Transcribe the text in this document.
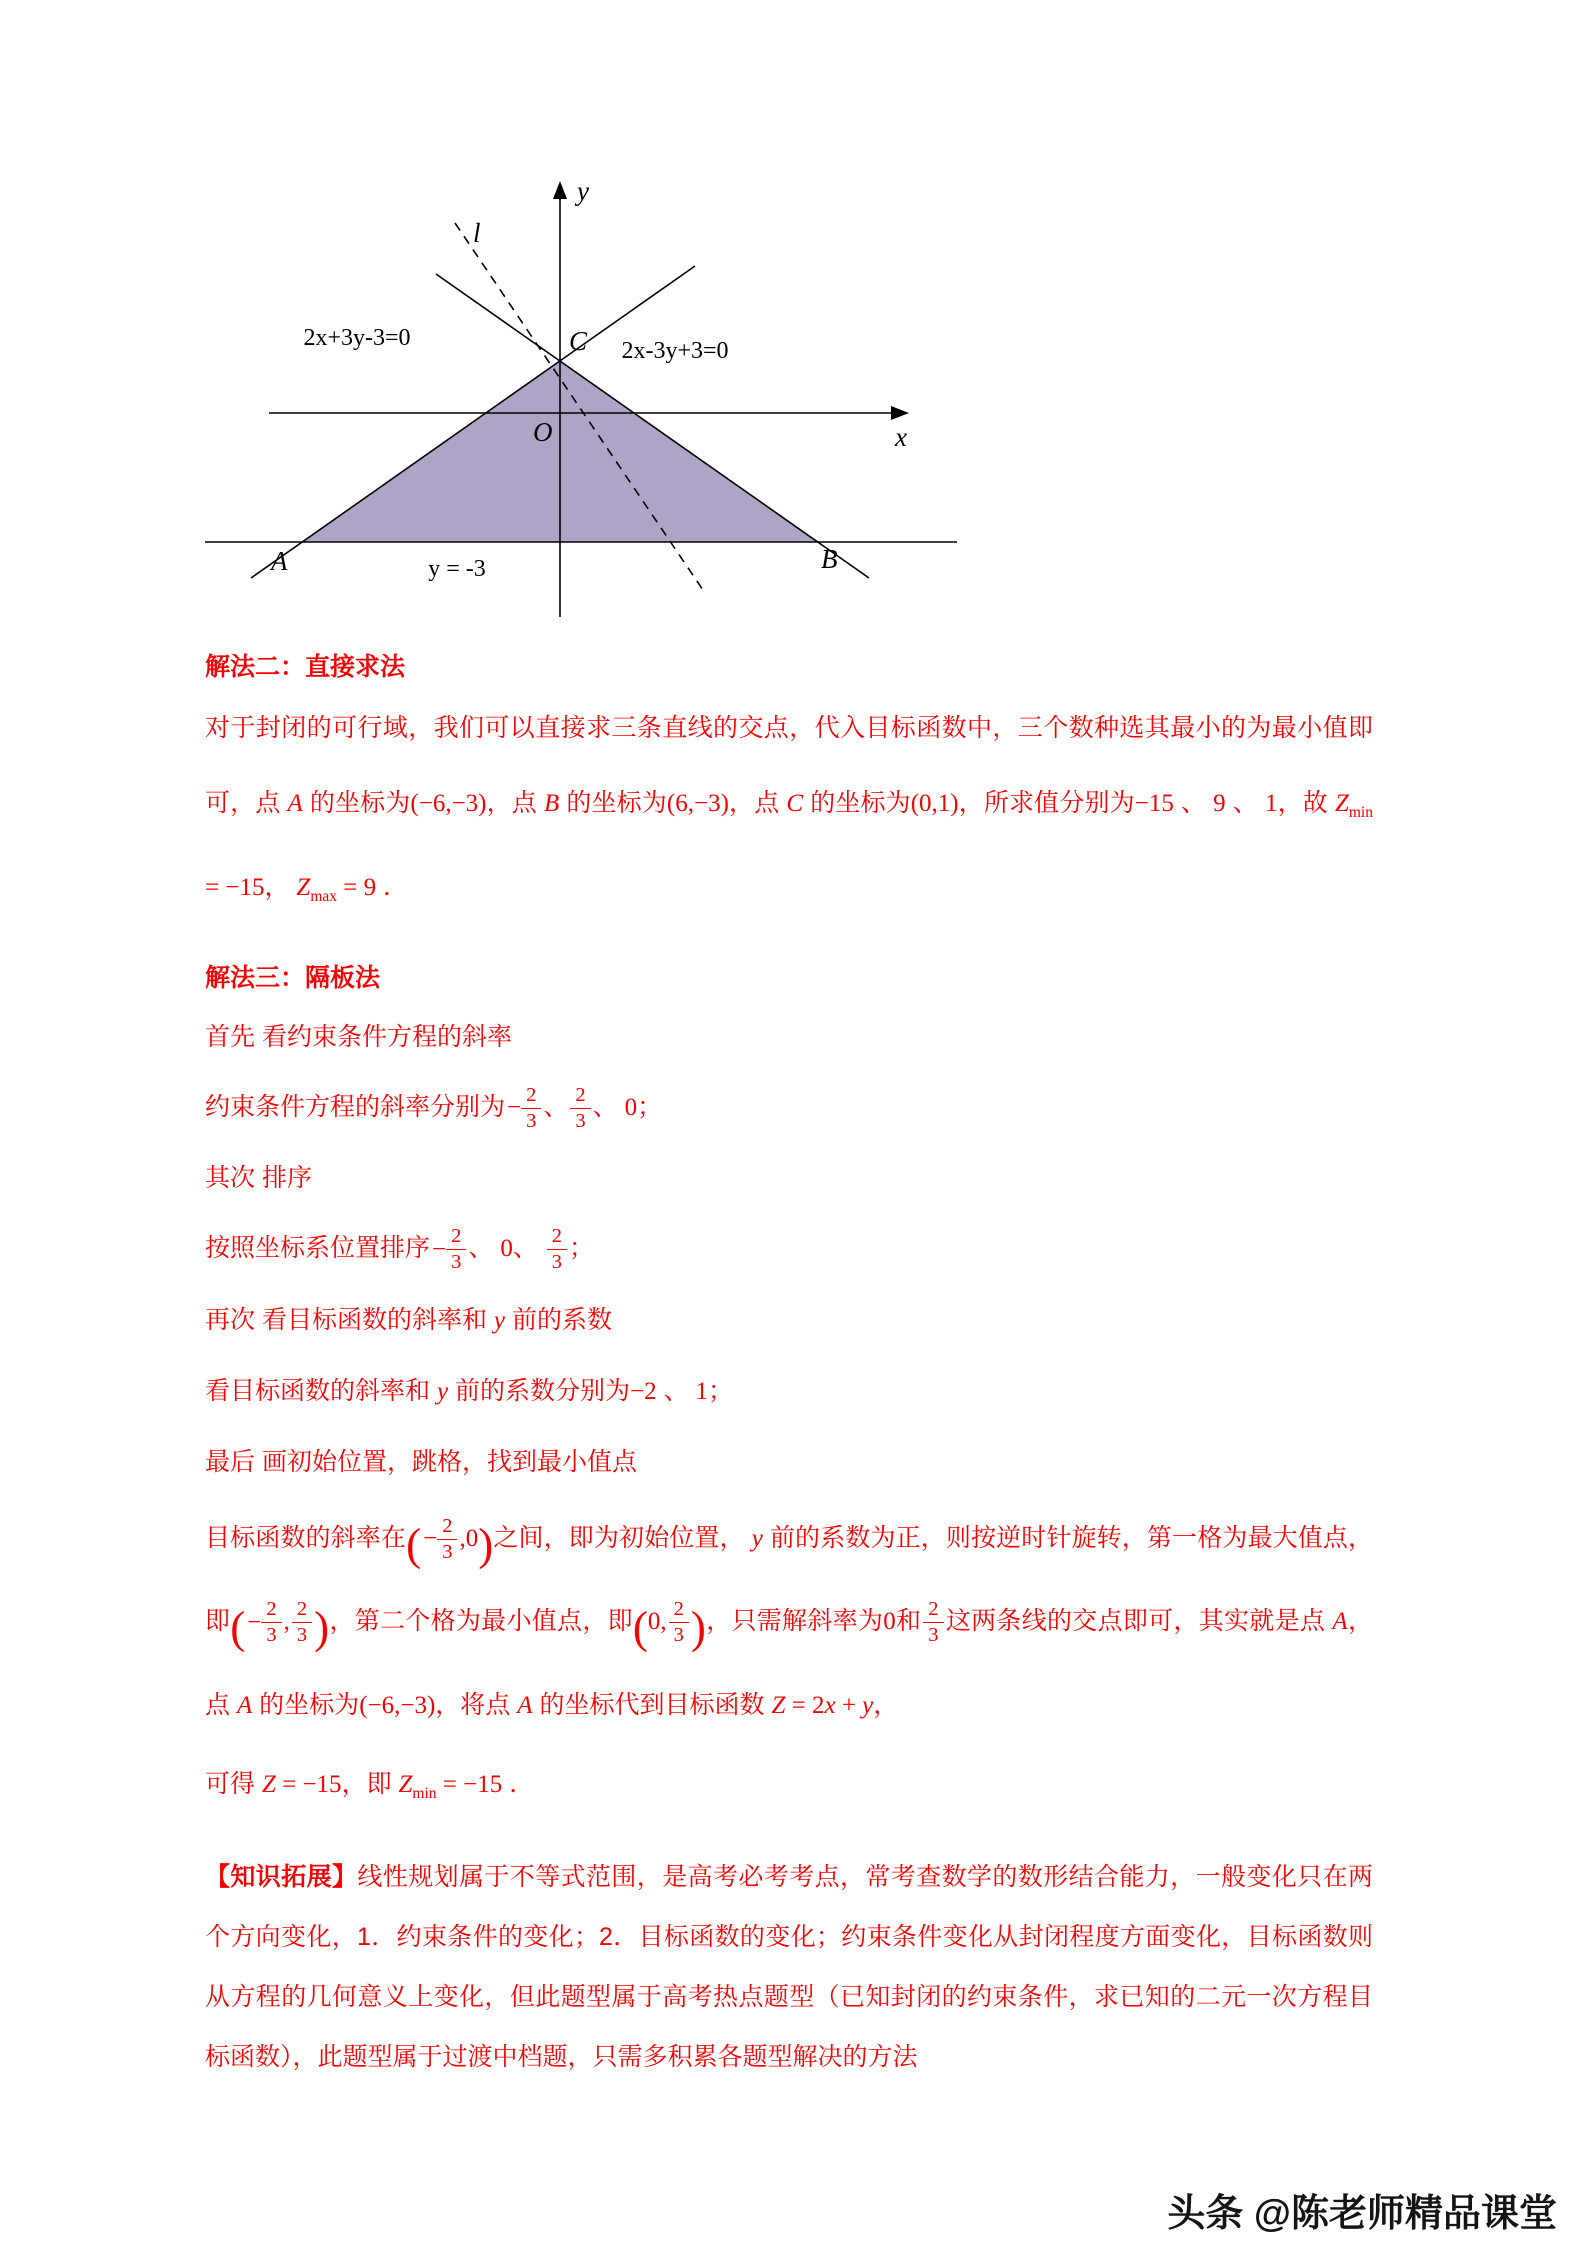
y
x
O
C
A	B
l
2x+3y-3=0	2x-3y+3=0
y = -3
解法二：直接求法

对于封闭的可行域，我们可以直接求三条直线的交点，代入目标函数中，三个数种选其最小的为最小值即可，点 A 的坐标为(−6,−3)，点 B 的坐标为(6,−3)，点 C 的坐标为(0,1)，所求值分别为−15 、 9 、 1，故 $Z_{min} = -15$， $Z_{max} = 9$ ．

解法三：隔板法

首先 看约束条件方程的斜率

约束条件方程的斜率分别为 − $\frac{2}{3}$ 、 $\frac{2}{3}$ 、 0；

其次 排序

按照坐标系位置排序 − $\frac{2}{3}$ 、 0、 $\frac{2}{3}$ ；

再次 看目标函数的斜率和 y 前的系数

看目标函数的斜率和 y 前的系数分别为−2 、 1；

最后 画初始位置，跳格，找到最小值点

目标函数的斜率在( − $\frac{2}{3} ,0$)之间，即为初始位置， y 前的系数为正，则按逆时针旋转，第一格为最大值点，即( − $\frac{2}{3}$ , $\frac{2}{3}$ )，第二个格为最小值点，即(0, $\frac{2}{3}$ )，只需解斜率为0和 $\frac{2}{3}$ 这两条线的交点即可，其实就是点 A，点 A 的坐标为(−6,−3)，将点 A 的坐标代到目标函数 Z = 2x + y，

可得 Z = −15，即 $Z_{min} = -15$ ．

【知识拓展】线性规划属于不等式范围，是高考必考考点，常考查数学的数形结合能力，一般变化只在两个方向变化，1．约束条件的变化；2．目标函数的变化；约束条件变化从封闭程度方面变化，目标函数则从方程的几何意义上变化，但此题型属于高考热点题型（已知封闭的约束条件，求已知的二元一次方程目标函数），此题型属于过渡中档题，只需多积累各题型解决的方法

头条 @陈老师精品课堂
